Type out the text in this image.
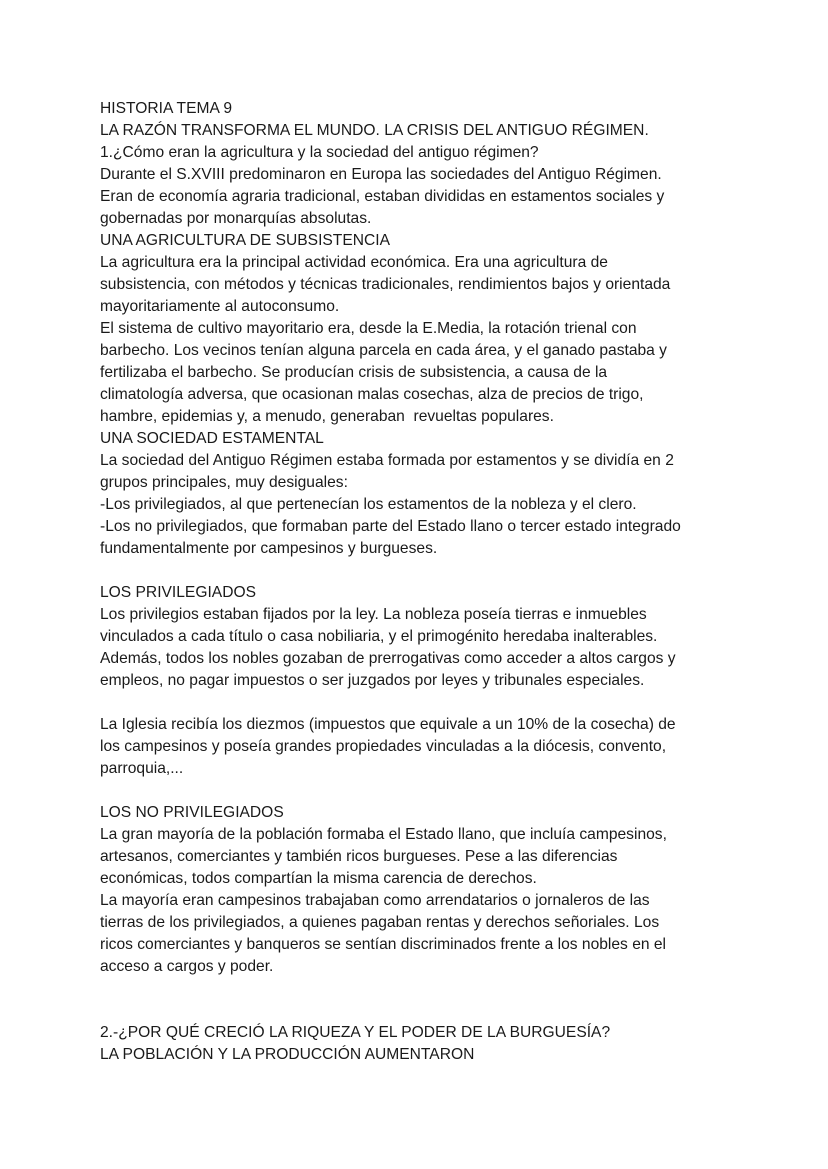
HISTORIA TEMA 9
LA RAZÓN TRANSFORMA EL MUNDO. LA CRISIS DEL ANTIGUO RÉGIMEN.
1.¿Cómo eran la agricultura y la sociedad del antiguo régimen?
Durante el S.XVIII predominaron en Europa las sociedades del Antiguo Régimen.
Eran de economía agraria tradicional, estaban divididas en estamentos sociales y
gobernadas por monarquías absolutas.
UNA AGRICULTURA DE SUBSISTENCIA
La agricultura era la principal actividad económica. Era una agricultura de
subsistencia, con métodos y técnicas tradicionales, rendimientos bajos y orientada
mayoritariamente al autoconsumo.
El sistema de cultivo mayoritario era, desde la E.Media, la rotación trienal con
barbecho. Los vecinos tenían alguna parcela en cada área, y el ganado pastaba y
fertilizaba el barbecho. Se producían crisis de subsistencia, a causa de la
climatología adversa, que ocasionan malas cosechas, alza de precios de trigo,
hambre, epidemias y, a menudo, generaban  revueltas populares.
UNA SOCIEDAD ESTAMENTAL
La sociedad del Antiguo Régimen estaba formada por estamentos y se dividía en 2
grupos principales, muy desiguales:
-Los privilegiados, al que pertenecían los estamentos de la nobleza y el clero.
-Los no privilegiados, que formaban parte del Estado llano o tercer estado integrado
fundamentalmente por campesinos y burgueses.
LOS PRIVILEGIADOS
Los privilegios estaban fijados por la ley. La nobleza poseía tierras e inmuebles
vinculados a cada título o casa nobiliaria, y el primogénito heredaba inalterables.
Además, todos los nobles gozaban de prerrogativas como acceder a altos cargos y
empleos, no pagar impuestos o ser juzgados por leyes y tribunales especiales.
La Iglesia recibía los diezmos (impuestos que equivale a un 10% de la cosecha) de
los campesinos y poseía grandes propiedades vinculadas a la diócesis, convento,
parroquia,...
LOS NO PRIVILEGIADOS
La gran mayoría de la población formaba el Estado llano, que incluía campesinos,
artesanos, comerciantes y también ricos burgueses. Pese a las diferencias
económicas, todos compartían la misma carencia de derechos.
La mayoría eran campesinos trabajaban como arrendatarios o jornaleros de las
tierras de los privilegiados, a quienes pagaban rentas y derechos señoriales. Los
ricos comerciantes y banqueros se sentían discriminados frente a los nobles en el
acceso a cargos y poder.
2.-¿POR QUÉ CRECIÓ LA RIQUEZA Y EL PODER DE LA BURGUESÍA?
LA POBLACIÓN Y LA PRODUCCIÓN AUMENTARON
